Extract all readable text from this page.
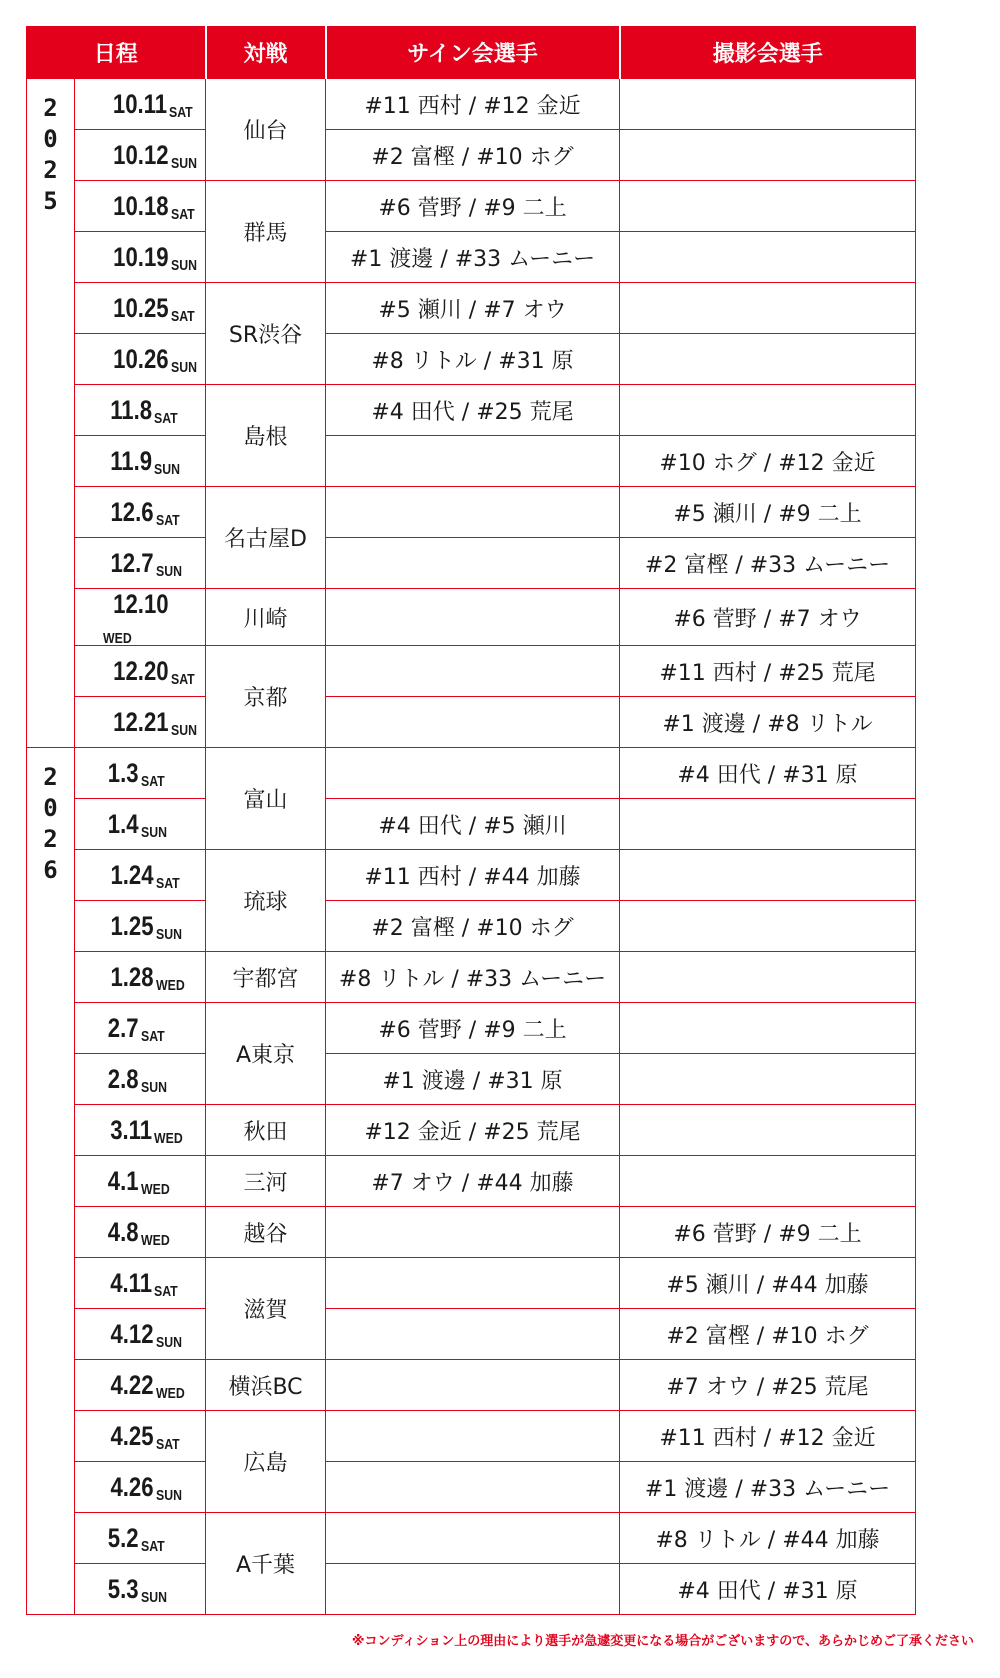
日程		対戦	サイン会選手	撮影会選手
2025	10.11 SAT	仙台	#11 西村 / #12 金近	
	10.12 SUN		#2 富樫 / #10 ホグ	
	10.18 SAT	群馬	#6 菅野 / #9 二上	
	10.19 SUN		#1 渡邊 / #33 ムーニー	
	10.25 SAT	SR渋谷	#5 瀬川 / #7 オウ	
	10.26 SUN		#8 リトル / #31 原	
	11.8 SAT	島根	#4 田代 / #25 荒尾	
	11.9 SUN			#10 ホグ / #12 金近
	12.6 SAT	名古屋D		#5 瀬川 / #9 二上
	12.7 SUN			#2 富樫 / #33 ムーニー
	12.10WED	川崎		#6 菅野 / #7 オウ
	12.20 SAT	京都		#11 西村 / #25 荒尾
	12.21 SUN			#1 渡邊 / #8 リトル
2026	1.3 SAT	富山		#4 田代 / #31 原
	1.4 SUN		#4 田代 / #5 瀬川	
	1.24 SAT	琉球	#11 西村 / #44 加藤	
	1.25 SUN		#2 富樫 / #10 ホグ	
	1.28 WED	宇都宮	#8 リトル / #33 ムーニー	
	2.7 SAT	A東京	#6 菅野 / #9 二上	
	2.8 SUN		#1 渡邊 / #31 原	
	3.11 WED	秋田	#12 金近 / #25 荒尾	
	4.1 WED	三河	#7 オウ / #44 加藤	
	4.8 WED	越谷		#6 菅野 / #9 二上
	4.11 SAT	滋賀		#5 瀬川 / #44 加藤
	4.12 SUN			#2 富樫 / #10 ホグ
	4.22 WED	横浜BC		#7 オウ / #25 荒尾
	4.25 SAT	広島		#11 西村 / #12 金近
	4.26 SUN			#1 渡邊 / #33 ムーニー
	5.2 SAT	A千葉		#8 リトル / #44 加藤
	5.3 SUN			#4 田代 / #31 原
※コンディション上の理由により選手が急遽変更になる場合がございますので、あらかじめご了承ください
